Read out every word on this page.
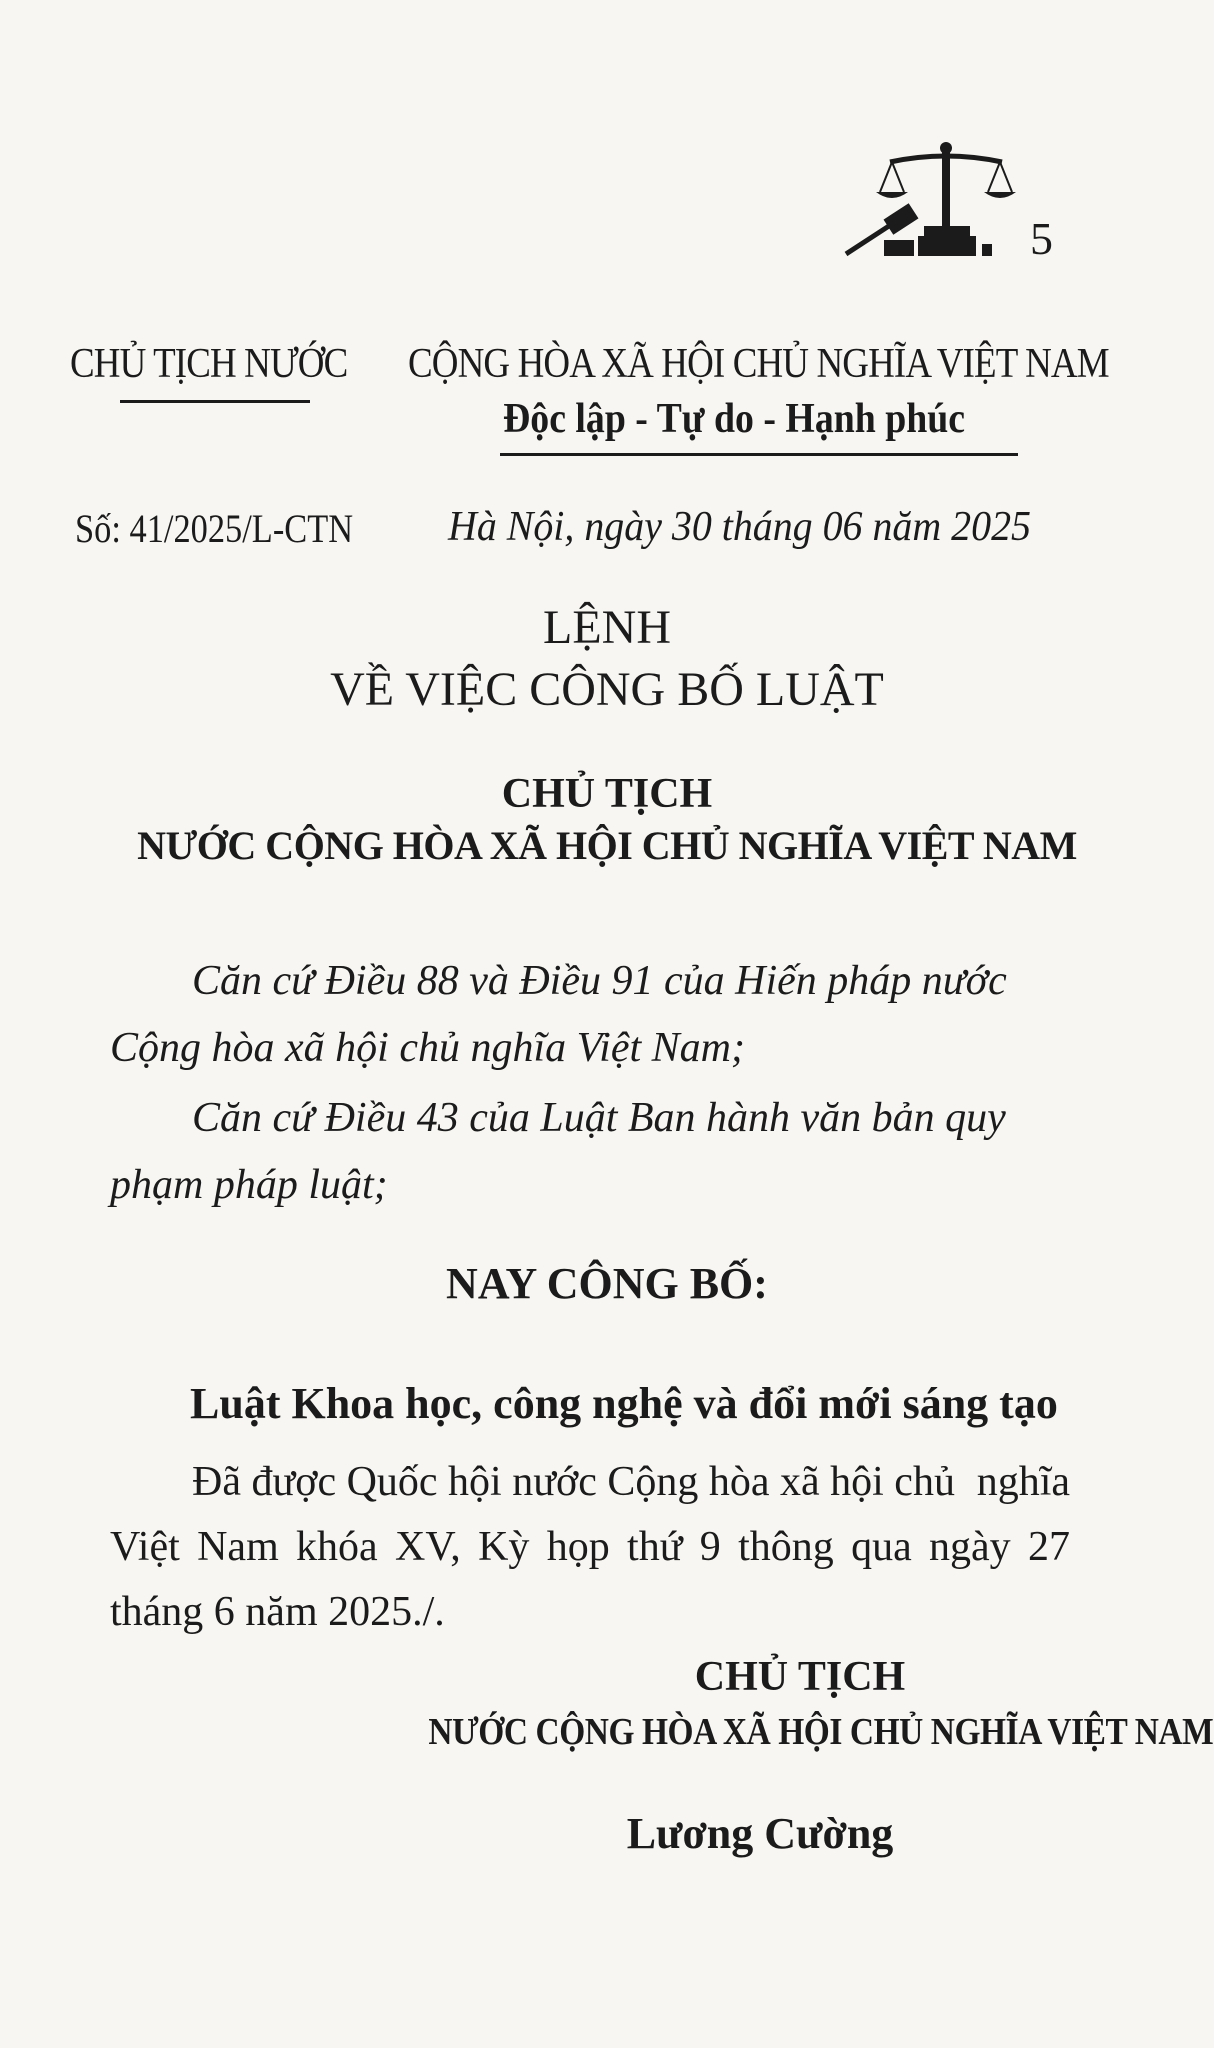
5
CHỦ TỊCH NƯỚC CỘNG HÒA XÃ HỘI CHỦ NGHĨA VIỆT NAM
Độc lập - Tự do - Hạnh phúc
Số: 41/2025/L-CTN Hà Nội, ngày 30 tháng 06 năm 2025
LỆNH
VỀ VIỆC CÔNG BỐ LUẬT
CHỦ TỊCH
NƯỚC CỘNG HÒA XÃ HỘI CHỦ NGHĨA VIỆT NAM
Căn cứ Điều 88 và Điều 91 của Hiến pháp nước Cộng hòa xã hội chủ nghĩa Việt Nam;
Căn cứ Điều 43 của Luật Ban hành văn bản quy phạm pháp luật;
NAY CÔNG BỐ:
Luật Khoa học, công nghệ và đổi mới sáng tạo
Đã được Quốc hội nước Cộng hòa xã hội chủ nghĩa Việt Nam khóa XV, Kỳ họp thứ 9 thông qua ngày 27 tháng 6 năm 2025./.
CHỦ TỊCH
NƯỚC CỘNG HÒA XÃ HỘI CHỦ NGHĨA VIỆT NAM
Lương Cường
